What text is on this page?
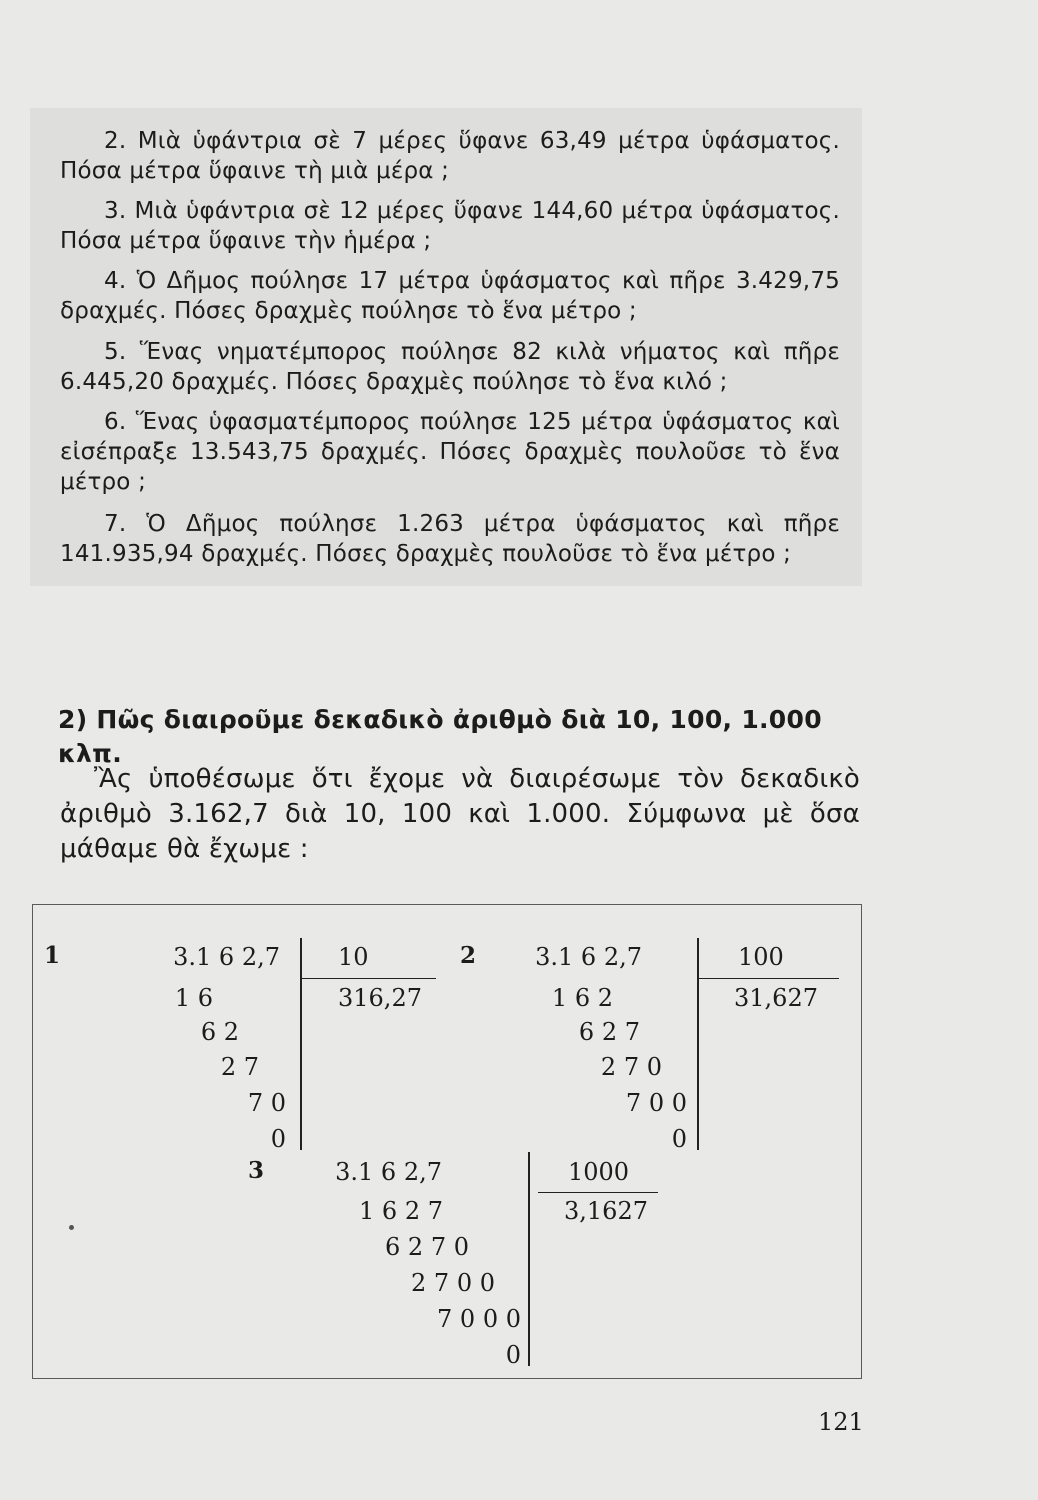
2. Μιὰ ὑφάντρια σὲ 7 μέρες ὕφανε 63,49 μέτρα ὑφάσματος. Πόσα μέτρα ὕφαινε τὴ μιὰ μέρα ;

3. Μιὰ ὑφάντρια σὲ 12 μέρες ὕφανε 144,60 μέτρα ὑφάσματος. Πόσα μέτρα ὕφαινε τὴν ἡμέρα ;

4. Ὁ Δῆμος πούλησε 17 μέτρα ὑφάσματος καὶ πῆρε 3.429,75 δραχμές. Πόσες δραχμὲς πούλησε τὸ ἕνα μέτρο ;

5. Ἕνας νηματέμπορος πούλησε 82 κιλὰ νήματος καὶ πῆρε 6.445,20 δραχμές. Πόσες δραχμὲς πούλησε τὸ ἕνα κιλό ;

6. Ἕνας ὑφασματέμπορος πούλησε 125 μέτρα ὑφάσματος καὶ εἰσέπραξε 13.543,75 δραχμές. Πόσες δραχμὲς πουλοῦσε τὸ ἕνα μέτρο ;

7. Ὁ Δῆμος πούλησε 1.263 μέτρα ὑφάσματος καὶ πῆρε 141.935,94 δραχμές. Πόσες δραχμὲς πουλοῦσε τὸ ἕνα μέτρο ;

2) Πῶς διαιροῦμε δεκαδικὸ ἀριθμὸ διὰ 10, 100, 1.000 κλπ.

Ἂς ὑποθέσωμε ὅτι ἔχομε νὰ διαιρέσωμε τὸν δεκαδικὸ ἀριθμὸ 3.162,7 διὰ 10, 100 καὶ 1.000. Σύμφωνα μὲ ὅσα μάθαμε θὰ ἔχωμε :

1	3.1 6 2,7
1 6
6 2
2 7
7 0
0
10
316,27
2	3.1 6 2,7
1 6 2
6 2 7
2 7 0
7 0 0
0
100
31,627
3	3.1 6 2,7
1 6 2 7
6 2 7 0
2 7 0 0
7 0 0 0
0
1000
3,1627
121
